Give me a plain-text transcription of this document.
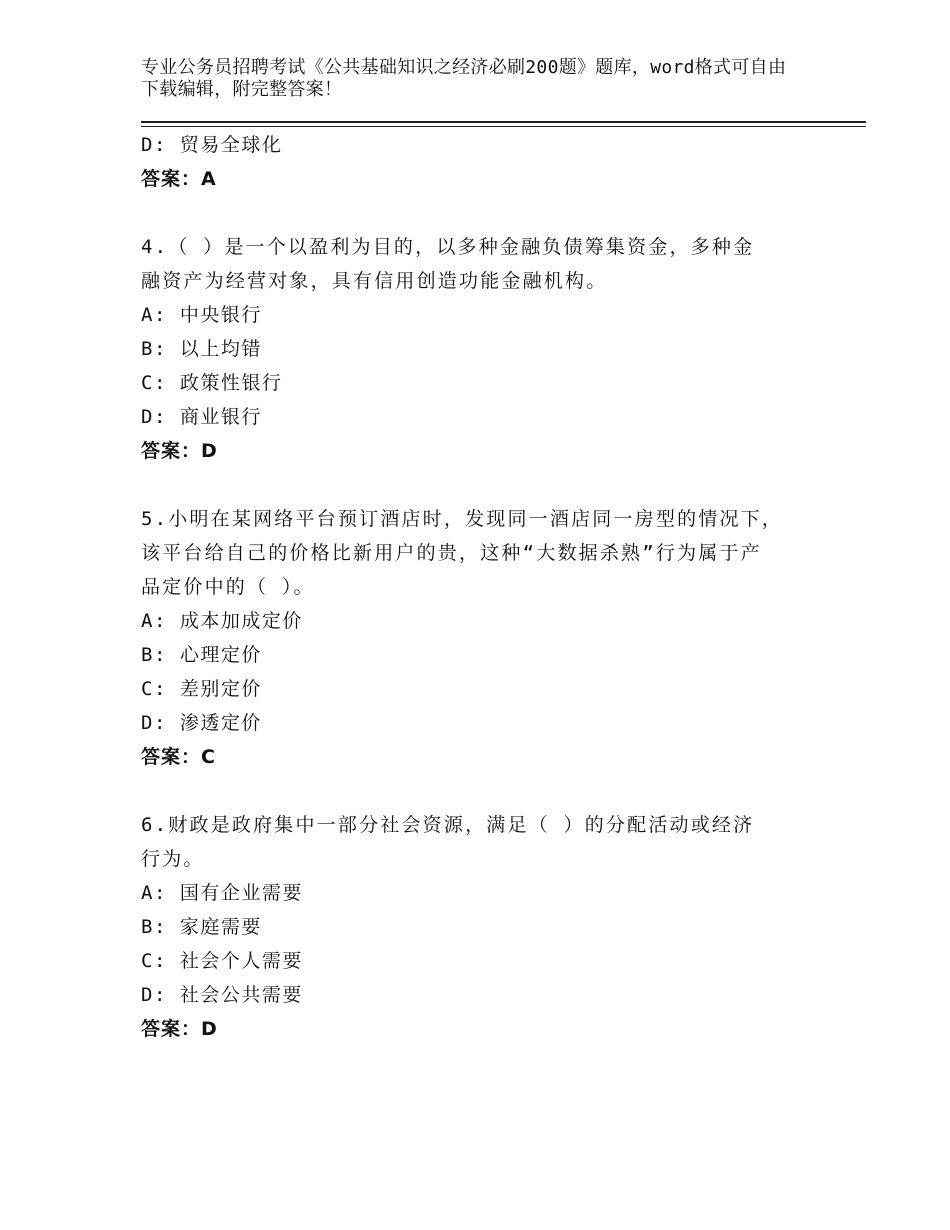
专业公务员招聘考试《公共基础知识之经济必刷200题》题库，word格式可自由
下载编辑，附完整答案！
D: 贸易全球化
答案：A
4.（ ）是一个以盈利为目的，以多种金融负债筹集资金，多种金
融资产为经营对象，具有信用创造功能金融机构。
A: 中央银行
B: 以上均错
C: 政策性银行
D: 商业银行
答案：D
5.小明在某网络平台预订酒店时，发现同一酒店同一房型的情况下，
该平台给自己的价格比新用户的贵，这种“大数据杀熟”行为属于产
品定价中的（ ）。
A: 成本加成定价
B: 心理定价
C: 差别定价
D: 渗透定价
答案：C
6.财政是政府集中一部分社会资源，满足（ ）的分配活动或经济
行为。
A: 国有企业需要
B: 家庭需要
C: 社会个人需要
D: 社会公共需要
答案：D
